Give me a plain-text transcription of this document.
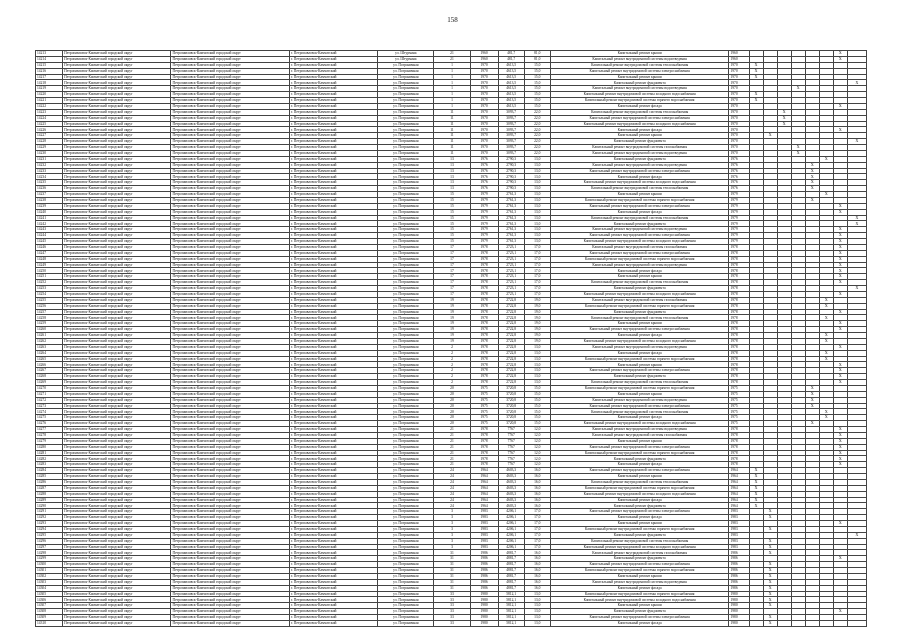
158
14213	Петропавловск-Камчатский городской округ	Петропавловск-Камчатский городской округ	г. Петропавловск-Камчатский	ул. Штурмана	21	1960	481,7	81,0	Капитальный ремонт крыши	1960							X	
14214	Петропавловск-Камчатский городской округ	Петропавловск-Камчатский городской округ	г. Петропавловск-Камчатский	ул. Штурмана	21	1960	481,7	81,0	Капитальный ремонт внутридомовой системы водоотведения	1960							X	
14215	Петропавловск-Камчатский городской округ	Петропавловск-Камчатский городской округ	г. Петропавловск-Камчатский	ул. Пограничная	1	1970	4613,5	15,0	Капитальный ремонт внутридомовой системы теплоснабжения	1970	X							
14216	Петропавловск-Камчатский городской округ	Петропавловск-Камчатский городской округ	г. Петропавловск-Камчатский	ул. Пограничная	1	1970	4613,5	15,0	Капитальный ремонт внутридомовой системы электроснабжения	1970	X							
14217	Петропавловск-Камчатский городской округ	Петропавловск-Камчатский городской округ	г. Петропавловск-Камчатский	ул. Пограничная	1	1970	4613,5	15,0	Капитальный ремонт крыши	1970	X							
14218	Петропавловск-Камчатский городской округ	Петропавловск-Камчатский городской округ	г. Петропавловск-Камчатский	ул. Пограничная	1	1970	4613,5	15,0	Капитальный ремонт фундамента	1970								X
14219	Петропавловск-Камчатский городской округ	Петропавловск-Камчатский городской округ	г. Петропавловск-Камчатский	ул. Пограничная	1	1970	4613,5	15,0	Капитальный ремонт внутридомовой системы водоотведения	1970				X				
14220	Петропавловск-Камчатский городской округ	Петропавловск-Камчатский городской округ	г. Петропавловск-Камчатский	ул. Пограничная	1	1970	4613,5	15,0	Капитальный ремонт внутридомовой системы холодного водоснабжения	1970	X							
14221	Петропавловск-Камчатский городской округ	Петропавловск-Камчатский городской округ	г. Петропавловск-Камчатский	ул. Пограничная	1	1970	4613,5	15,0	Капитальный ремонт внутридомовой системы горячего водоснабжения	1970	X							
14222	Петропавловск-Камчатский городской округ	Петропавловск-Камчатский городской округ	г. Петропавловск-Камчатский	ул. Пограничная	1	1970	4613,5	15,0	Капитальный ремонт фасада	1970							X	
14223	Петропавловск-Камчатский городской округ	Петропавловск-Камчатский городской округ	г. Петропавловск-Камчатский	ул. Пограничная	11	1970	3093,7	22,0	Капитальный ремонт внутридомовой системы теплоснабжения	1970			X					
14224	Петропавловск-Камчатский городской округ	Петропавловск-Камчатский городской округ	г. Петропавловск-Камчатский	ул. Пограничная	11	1970	3093,7	22,0	Капитальный ремонт внутридомовой системы электроснабжения	1970			X					
14225	Петропавловск-Камчатский городской округ	Петропавловск-Камчатский городской округ	г. Петропавловск-Камчатский	ул. Пограничная	11	1970	3093,7	22,0	Капитальный ремонт внутридомовой системы холодного водоснабжения	1970			X					
14226	Петропавловск-Камчатский городской округ	Петропавловск-Камчатский городской округ	г. Петропавловск-Камчатский	ул. Пограничная	11	1970	3093,7	22,0	Капитальный ремонт фасада	1970							X	
14227	Петропавловск-Камчатский городской округ	Петропавловск-Камчатский городской округ	г. Петропавловск-Камчатский	ул. Пограничная	11	1970	3093,7	22,0	Капитальный ремонт крыши	1970		X						
14228	Петропавловск-Камчатский городской округ	Петропавловск-Камчатский городской округ	г. Петропавловск-Камчатский	ул. Пограничная	11	1970	3093,7	22,0	Капитальный ремонт фундамента	1970								X
14229	Петропавловск-Камчатский городской округ	Петропавловск-Камчатский городской округ	г. Петропавловск-Камчатский	ул. Пограничная	11	1970	3093,7	22,0	Капитальный ремонт внутридомовой системы газоснабжения	1970				X				
14230	Петропавловск-Камчатский городской округ	Петропавловск-Камчатский городской округ	г. Петропавловск-Камчатский	ул. Пограничная	11	1970	3093,7	22,0	Капитальный ремонт внутридомовой системы водоотведения	1970				X				
14231	Петропавловск-Камчатский городской округ	Петропавловск-Камчатский городской округ	г. Петропавловск-Камчатский	ул. Пограничная	13	1976	2790,3	13,0	Капитальный ремонт фундамента	1976						X		
14232	Петропавловск-Камчатский городской округ	Петропавловск-Камчатский городской округ	г. Петропавловск-Камчатский	ул. Пограничная	13	1976	2790,3	13,0	Капитальный ремонт внутридомовой системы водоотведения	1976					X			
14233	Петропавловск-Камчатский городской округ	Петропавловск-Камчатский городской округ	г. Петропавловск-Камчатский	ул. Пограничная	13	1976	2790,3	13,0	Капитальный ремонт внутридомовой системы электроснабжения	1976					X			
14234	Петропавловск-Камчатский городской округ	Петропавловск-Камчатский городской округ	г. Петропавловск-Камчатский	ул. Пограничная	13	1976	2790,3	13,0	Капитальный ремонт фасада	1976					X			
14235	Петропавловск-Камчатский городской округ	Петропавловск-Камчатский городской округ	г. Петропавловск-Камчатский	ул. Пограничная	13	1976	2790,3	13,0	Капитальный ремонт внутридомовой системы холодного водоснабжения	1976					X			
14236	Петропавловск-Камчатский городской округ	Петропавловск-Камчатский городской округ	г. Петропавловск-Камчатский	ул. Пограничная	13	1976	2790,3	13,0	Капитальный ремонт внутридомовой системы теплоснабжения	1976					X			
14237	Петропавловск-Камчатский городской округ	Петропавловск-Камчатский городской округ	г. Петропавловск-Камчатский	ул. Пограничная	15	1979	2761,3	13,0	Капитальный ремонт крыши	1979						X		
14238	Петропавловск-Камчатский городской округ	Петропавловск-Камчатский городской округ	г. Петропавловск-Камчатский	ул. Пограничная	15	1979	2761,3	13,0	Капитальный ремонт внутридомовой системы горячего водоснабжения	1979					X			
14239	Петропавловск-Камчатский городской округ	Петропавловск-Камчатский городской округ	г. Петропавловск-Камчатский	ул. Пограничная	15	1979	2761,3	13,0	Капитальный ремонт внутридомовой системы электроснабжения	1979							X	
14240	Петропавловск-Камчатский городской округ	Петропавловск-Камчатский городской округ	г. Петропавловск-Камчатский	ул. Пограничная	15	1979	2761,3	13,0	Капитальный ремонт фасада	1979							X	
14241	Петропавловск-Камчатский городской округ	Петропавловск-Камчатский городской округ	г. Петропавловск-Камчатский	ул. Пограничная	15	1979	2761,3	13,0	Капитальный ремонт внутридомовой системы теплоснабжения	1979								X
14242	Петропавловск-Камчатский городской округ	Петропавловск-Камчатский городской округ	г. Петропавловск-Камчатский	ул. Пограничная	15	1979	2761,3	13,0	Капитальный ремонт фундамента	1979								X
14243	Петропавловск-Камчатский городской округ	Петропавловск-Камчатский городской округ	г. Петропавловск-Камчатский	ул. Пограничная	15	1979	2761,3	13,0	Капитальный ремонт внутридомовой системы водоотведения	1979							X	
14244	Петропавловск-Камчатский городской округ	Петропавловск-Камчатский городской округ	г. Петропавловск-Камчатский	ул. Пограничная	15	1979	2761,3	13,0	Капитальный ремонт внутридомовой системы электроснабжения	1979							X	
14245	Петропавловск-Камчатский городской округ	Петропавловск-Камчатский городской округ	г. Петропавловск-Камчатский	ул. Пограничная	15	1979	2761,3	13,0	Капитальный ремонт внутридомовой системы холодного водоснабжения	1979							X	
14246	Петропавловск-Камчатский городской округ	Петропавловск-Камчатский городской округ	г. Петропавловск-Камчатский	ул. Пограничная	17	1978	2723,1	17,0	Капитальный ремонт внутридомовой системы газоснабжения	1978							X	
14247	Петропавловск-Камчатский городской округ	Петропавловск-Камчатский городской округ	г. Петропавловск-Камчатский	ул. Пограничная	17	1978	2723,1	17,0	Капитальный ремонт внутридомовой системы электроснабжения	1978							X	
14248	Петропавловск-Камчатский городской округ	Петропавловск-Камчатский городской округ	г. Петропавловск-Камчатский	ул. Пограничная	17	1978	2723,1	17,0	Капитальный ремонт внутридомовой системы горячего водоснабжения	1978							X	
14249	Петропавловск-Камчатский городской округ	Петропавловск-Камчатский городской округ	г. Петропавловск-Камчатский	ул. Пограничная	17	1978	2723,1	17,0	Капитальный ремонт внутридомовой системы водоотведения	1978							X	
14250	Петропавловск-Камчатский городской округ	Петропавловск-Камчатский городской округ	г. Петропавловск-Камчатский	ул. Пограничная	17	1978	2723,1	17,0	Капитальный ремонт фасада	1978							X	
14251	Петропавловск-Камчатский городской округ	Петропавловск-Камчатский городской округ	г. Петропавловск-Камчатский	ул. Пограничная	17	1978	2723,1	17,0	Капитальный ремонт крыши	1978							X	
14252	Петропавловск-Камчатский городской округ	Петропавловск-Камчатский городской округ	г. Петропавловск-Камчатский	ул. Пограничная	17	1978	2723,1	17,0	Капитальный ремонт внутридомовой системы теплоснабжения	1978							X	
14253	Петропавловск-Камчатский городской округ	Петропавловск-Камчатский городской округ	г. Петропавловск-Камчатский	ул. Пограничная	17	1978	2723,1	17,0	Капитальный ремонт фундамента	1978								X
14254	Петропавловск-Камчатский городской округ	Петропавловск-Камчатский городской округ	г. Петропавловск-Камчатский	ул. Пограничная	17	1978	2723,1	17,0	Капитальный ремонт внутридомовой системы холодного водоснабжения	1978							X	
14255	Петропавловск-Камчатский городской округ	Петропавловск-Камчатский городской округ	г. Петропавловск-Камчатский	ул. Пограничная	19	1978	2722,8	19,0	Капитальный ремонт внутридомовой системы газоснабжения	1978						X		
14256	Петропавловск-Камчатский городской округ	Петропавловск-Камчатский городской округ	г. Петропавловск-Камчатский	ул. Пограничная	19	1978	2722,8	19,0	Капитальный ремонт внутридомовой системы горячего водоснабжения	1978						X		
14257	Петропавловск-Камчатский городской округ	Петропавловск-Камчатский городской округ	г. Петропавловск-Камчатский	ул. Пограничная	19	1978	2722,8	19,0	Капитальный ремонт фундамента	1978							X	
14258	Петропавловск-Камчатский городской округ	Петропавловск-Камчатский городской округ	г. Петропавловск-Камчатский	ул. Пограничная	19	1978	2722,8	19,0	Капитальный ремонт внутридомовой системы теплоснабжения	1978						X		
14259	Петропавловск-Камчатский городской округ	Петропавловск-Камчатский городской округ	г. Петропавловск-Камчатский	ул. Пограничная	19	1978	2722,8	19,0	Капитальный ремонт крыши	1978							X	
14260	Петропавловск-Камчатский городской округ	Петропавловск-Камчатский городской округ	г. Петропавловск-Камчатский	ул. Пограничная	19	1978	2722,8	19,0	Капитальный ремонт внутридомовой системы электроснабжения	1978							X	
14261	Петропавловск-Камчатский городской округ	Петропавловск-Камчатский городской округ	г. Петропавловск-Камчатский	ул. Пограничная	19	1978	2722,8	19,0	Капитальный ремонт фасада	1978						X		
14262	Петропавловск-Камчатский городской округ	Петропавловск-Камчатский городской округ	г. Петропавловск-Камчатский	ул. Пограничная	19	1978	2722,8	19,0	Капитальный ремонт внутридомовой системы холодного водоснабжения	1978						X		
14263	Петропавловск-Камчатский городской округ	Петропавловск-Камчатский городской округ	г. Петропавловск-Камчатский	ул. Пограничная	2	1978	2722,8	13,0	Капитальный ремонт внутридомовой системы водоотведения	1978							X	
14264	Петропавловск-Камчатский городской округ	Петропавловск-Камчатский городской округ	г. Петропавловск-Камчатский	ул. Пограничная	2	1978	2722,8	13,0	Капитальный ремонт фасада	1978						X		
14265	Петропавловск-Камчатский городской округ	Петропавловск-Камчатский городской округ	г. Петропавловск-Камчатский	ул. Пограничная	2	1978	2722,8	13,0	Капитальный ремонт внутридомовой системы горячего водоснабжения	1978						X		
14266	Петропавловск-Камчатский городской округ	Петропавловск-Камчатский городской округ	г. Петропавловск-Камчатский	ул. Пограничная	2	1978	2722,8	13,0	Капитальный ремонт крыши	1978							X	
14267	Петропавловск-Камчатский городской округ	Петропавловск-Камчатский городской округ	г. Петропавловск-Камчатский	ул. Пограничная	2	1978	2722,8	13,0	Капитальный ремонт внутридомовой системы электроснабжения	1978							X	
14268	Петропавловск-Камчатский городской округ	Петропавловск-Камчатский городской округ	г. Петропавловск-Камчатский	ул. Пограничная	2	1978	2722,8	13,0	Капитальный ремонт фундамента	1978							X	
14269	Петропавловск-Камчатский городской округ	Петропавловск-Камчатский городской округ	г. Петропавловск-Камчатский	ул. Пограничная	2	1978	2722,8	13,0	Капитальный ремонт внутридомовой системы теплоснабжения	1978							X	
14270	Петропавловск-Камчатский городской округ	Петропавловск-Камчатский городской округ	г. Петропавловск-Камчатский	ул. Пограничная	20	1975	3720,8	15,0	Капитальный ремонт внутридомовой системы горячего водоснабжения	1975					X			
14271	Петропавловск-Камчатский городской округ	Петропавловск-Камчатский городской округ	г. Петропавловск-Камчатский	ул. Пограничная	20	1975	3720,8	15,0	Капитальный ремонт крыши	1975					X			
14272	Петропавловск-Камчатский городской округ	Петропавловск-Камчатский городской округ	г. Петропавловск-Камчатский	ул. Пограничная	20	1975	3720,8	15,0	Капитальный ремонт внутридомовой системы водоотведения	1975					X			
14273	Петропавловск-Камчатский городской округ	Петропавловск-Камчатский городской округ	г. Петропавловск-Камчатский	ул. Пограничная	20	1975	3720,8	15,0	Капитальный ремонт внутридомовой системы электроснабжения	1975					X			
14274	Петропавловск-Камчатский городской округ	Петропавловск-Камчатский городской округ	г. Петропавловск-Камчатский	ул. Пограничная	20	1975	3720,8	15,0	Капитальный ремонт внутридомовой системы теплоснабжения	1975						X		
14275	Петропавловск-Камчатский городской округ	Петропавловск-Камчатский городской округ	г. Петропавловск-Камчатский	ул. Пограничная	20	1975	3720,8	15,0	Капитальный ремонт фасада	1975						X		
14276	Петропавловск-Камчатский городской округ	Петропавловск-Камчатский городской округ	г. Петропавловск-Камчатский	ул. Пограничная	20	1975	3720,8	15,0	Капитальный ремонт внутридомовой системы холодного водоснабжения	1975					X			
14277	Петропавловск-Камчатский городской округ	Петропавловск-Камчатский городской округ	г. Петропавловск-Камчатский	ул. Пограничная	21	1978	7767	12,0	Капитальный ремонт внутридомовой системы водоотведения	1978							X	
14278	Петропавловск-Камчатский городской округ	Петропавловск-Камчатский городской округ	г. Петропавловск-Камчатский	ул. Пограничная	21	1978	7767	12,0	Капитальный ремонт внутридомовой системы газоснабжения	1978							X	
14279	Петропавловск-Камчатский городской округ	Петропавловск-Камчатский городской округ	г. Петропавловск-Камчатский	ул. Пограничная	21	1978	7767	12,0	Капитальный ремонт крыши	1978							X	
14280	Петропавловск-Камчатский городской округ	Петропавловск-Камчатский городской округ	г. Петропавловск-Камчатский	ул. Пограничная	21	1978	7767	12,0	Капитальный ремонт внутридомовой системы электроснабжения	1978							X	
14281	Петропавловск-Камчатский городской округ	Петропавловск-Камчатский городской округ	г. Петропавловск-Камчатский	ул. Пограничная	21	1978	7767	12,0	Капитальный ремонт внутридомовой системы горячего водоснабжения	1978							X	
14282	Петропавловск-Камчатский городской округ	Петропавловск-Камчатский городской округ	г. Петропавловск-Камчатский	ул. Пограничная	21	1978	7767	12,0	Капитальный ремонт фундамента	1978							X	
14283	Петропавловск-Камчатский городской округ	Петропавловск-Камчатский городской округ	г. Петропавловск-Камчатский	ул. Пограничная	21	1978	7767	12,0	Капитальный ремонт фасада	1978							X	
14284	Петропавловск-Камчатский городской округ	Петропавловск-Камчатский городской округ	г. Петропавловск-Камчатский	ул. Пограничная	24	1964	4603,3	16,0	Капитальный ремонт внутридомовой системы электроснабжения	1964	X							
14285	Петропавловск-Камчатский городской округ	Петропавловск-Камчатский городской округ	г. Петропавловск-Камчатский	ул. Пограничная	24	1964	4603,3	16,0	Капитальный ремонт крыши	1964	X							
14286	Петропавловск-Камчатский городской округ	Петропавловск-Камчатский городской округ	г. Петропавловск-Камчатский	ул. Пограничная	24	1964	4603,3	16,0	Капитальный ремонт внутридомовой системы теплоснабжения	1964	X							
14287	Петропавловск-Камчатский городской округ	Петропавловск-Камчатский городской округ	г. Петропавловск-Камчатский	ул. Пограничная	24	1964	4603,3	16,0	Капитальный ремонт внутридомовой системы горячего водоснабжения	1964	X							
14288	Петропавловск-Камчатский городской округ	Петропавловск-Камчатский городской округ	г. Петропавловск-Камчатский	ул. Пограничная	24	1964	4603,3	16,0	Капитальный ремонт внутридомовой системы холодного водоснабжения	1964	X							
14289	Петропавловск-Камчатский городской округ	Петропавловск-Камчатский городской округ	г. Петропавловск-Камчатский	ул. Пограничная	24	1964	4603,3	16,0	Капитальный ремонт фасада	1964	X							
14290	Петропавловск-Камчатский городской округ	Петропавловск-Камчатский городской округ	г. Петропавловск-Камчатский	ул. Пограничная	24	1964	4603,3	16,0	Капитальный ремонт фундамента	1964	X							
14291	Петропавловск-Камчатский городской округ	Петропавловск-Камчатский городской округ	г. Петропавловск-Камчатский	ул. Пограничная	3	1983	4206,1	17,0	Капитальный ремонт внутридомовой системы электроснабжения	1983		X						
14292	Петропавловск-Камчатский городской округ	Петропавловск-Камчатский городской округ	г. Петропавловск-Камчатский	ул. Пограничная	3	1983	4206,1	17,0	Капитальный ремонт фасада	1983		X						
14293	Петропавловск-Камчатский городской округ	Петропавловск-Камчатский городской округ	г. Петропавловск-Камчатский	ул. Пограничная	3	1983	4206,1	17,0	Капитальный ремонт крыши	1983							X	
14294	Петропавловск-Камчатский городской округ	Петропавловск-Камчатский городской округ	г. Петропавловск-Камчатский	ул. Пограничная	3	1983	4206,1	17,0	Капитальный ремонт внутридомовой системы горячего водоснабжения	1983		X						
14295	Петропавловск-Камчатский городской округ	Петропавловск-Камчатский городской округ	г. Петропавловск-Камчатский	ул. Пограничная	3	1983	4206,1	17,0	Капитальный ремонт фундамента	1983								X
14296	Петропавловск-Камчатский городской округ	Петропавловск-Камчатский городской округ	г. Петропавловск-Камчатский	ул. Пограничная	3	1983	4206,1	17,0	Капитальный ремонт внутридомовой системы теплоснабжения	1983		X						
14297	Петропавловск-Камчатский городской округ	Петропавловск-Камчатский городской округ	г. Петропавловск-Камчатский	ул. Пограничная	3	1983	4206,1	17,0	Капитальный ремонт внутридомовой системы холодного водоснабжения	1983		X						
14298	Петропавловск-Камчатский городской округ	Петропавловск-Камчатский городской округ	г. Петропавловск-Камчатский	ул. Пограничная	31	1986	4881,7	16,0	Капитальный ремонт внутридомовой системы газоснабжения	1986		X						
14299	Петропавловск-Камчатский городской округ	Петропавловск-Камчатский городской округ	г. Петропавловск-Камчатский	ул. Пограничная	31	1986	4881,7	16,0	Капитальный ремонт фундамента	1986							X	
14300	Петропавловск-Камчатский городской округ	Петропавловск-Камчатский городской округ	г. Петропавловск-Камчатский	ул. Пограничная	31	1986	4881,7	16,0	Капитальный ремонт внутридомовой системы электроснабжения	1986		X						
14301	Петропавловск-Камчатский городской округ	Петропавловск-Камчатский городской округ	г. Петропавловск-Камчатский	ул. Пограничная	31	1986	4881,7	16,0	Капитальный ремонт внутридомовой системы горячего водоснабжения	1986		X						
14302	Петропавловск-Камчатский городской округ	Петропавловск-Камчатский городской округ	г. Петропавловск-Камчатский	ул. Пограничная	31	1986	4881,7	16,0	Капитальный ремонт крыши	1986		X						
14303	Петропавловск-Камчатский городской округ	Петропавловск-Камчатский городской округ	г. Петропавловск-Камчатский	ул. Пограничная	31	1986	4881,7	16,0	Капитальный ремонт внутридомовой системы водоотведения	1986		X						
14304	Петропавловск-Камчатский городской округ	Петропавловск-Камчатский городской округ	г. Петропавловск-Камчатский	ул. Пограничная	31	1986	4881,7	16,0	Капитальный ремонт фасада	1986		X						
14305	Петропавловск-Камчатский городской округ	Петропавловск-Камчатский городской округ	г. Петропавловск-Камчатский	ул. Пограничная	33	1980	5812,1	13,0	Капитальный ремонт внутридомовой системы горячего водоснабжения	1980		X						
14306	Петропавловск-Камчатский городской округ	Петропавловск-Камчатский городской округ	г. Петропавловск-Камчатский	ул. Пограничная	33	1980	5812,1	13,0	Капитальный ремонт внутридомовой системы холодного водоснабжения	1980		X						
14307	Петропавловск-Камчатский городской округ	Петропавловск-Камчатский городской округ	г. Петропавловск-Камчатский	ул. Пограничная	33	1980	5812,1	13,0	Капитальный ремонт крыши	1980		X						
14308	Петропавловск-Камчатский городской округ	Петропавловск-Камчатский городской округ	г. Петропавловск-Камчатский	ул. Пограничная	33	1980	5812,1	13,0	Капитальный ремонт фундамента	1980							X	
14309	Петропавловск-Камчатский городской округ	Петропавловск-Камчатский городской округ	г. Петропавловск-Камчатский	ул. Пограничная	33	1980	5812,1	13,0	Капитальный ремонт внутридомовой системы электроснабжения	1980		X						
14310	Петропавловск-Камчатский городской округ	Петропавловск-Камчатский городской округ	г. Петропавловск-Камчатский	ул. Пограничная	33	1980	5812,1	13,0	Капитальный ремонт фасада	1980		X						
